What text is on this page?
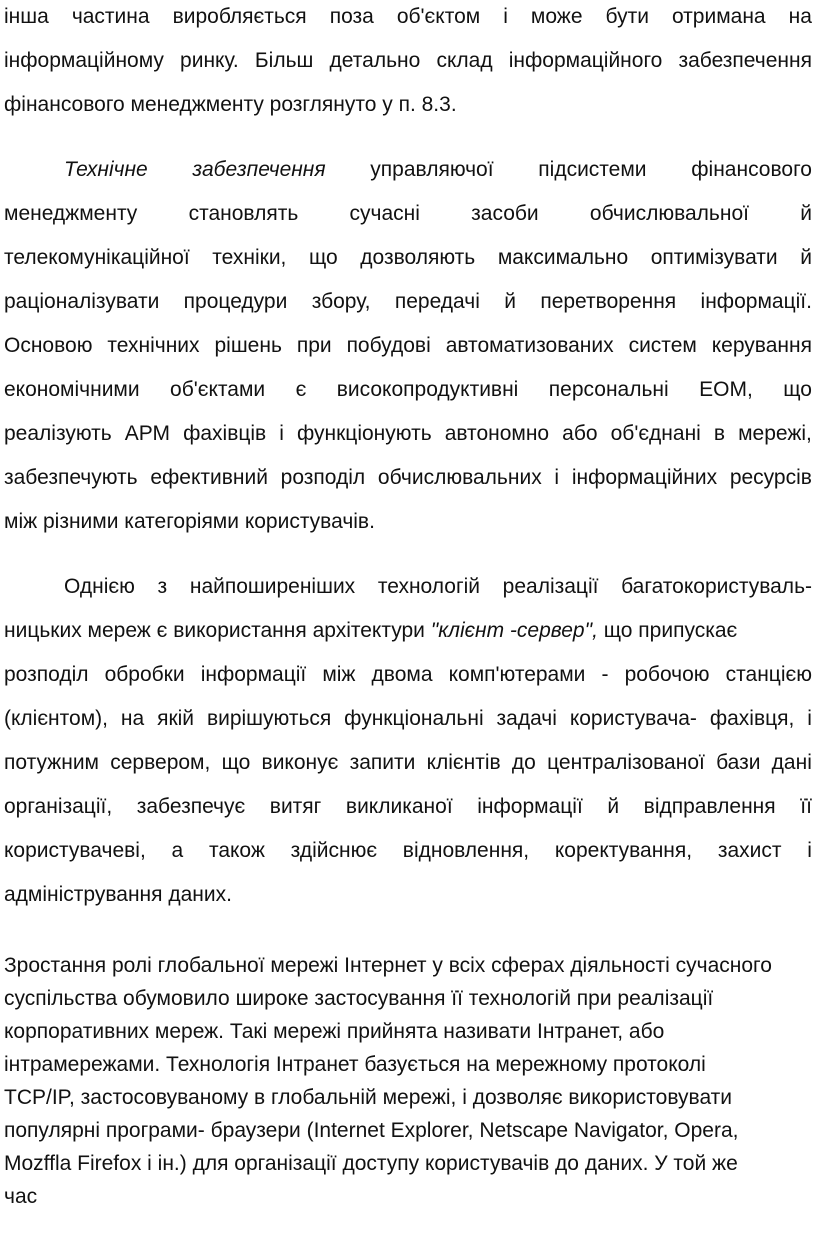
інша частина виробляється поза об'єктом і може бути отримана на
інформаційному ринку. Більш детально склад інформаційного забезпечення
фінансового менеджменту розглянуто у п. 8.3.
Технічне забезпечення управляючої підсистеми фінансового
менеджменту становлять сучасні засоби обчислювальної й
телекомунікаційної техніки, що дозволяють максимально оптимізувати й
раціоналізувати процедури збору, передачі й перетворення інформації.
Основою технічних рішень при побудові автоматизованих систем керування
економічними об'єктами є високопродуктивні персональні ЕОМ, що
реалізують АРМ фахівців і функціонують автономно або об'єднані в мережі,
забезпечують ефективний розподіл обчислювальних і інформаційних ресурсів
між різними категоріями користувачів.
Однією з найпоширеніших технологій реалізації багатокористуваль-
ницьких мереж є використання архітектури "клієнт -сервер", що припускає
розподіл обробки інформації між двома комп'ютерами - робочою станцією
(клієнтом), на якій вирішуються функціональні задачі користувача- фахівця, і
потужним сервером, що виконує запити клієнтів до централізованої бази дані
організації, забезпечує витяг викликаної інформації й відправлення її
користувачеві, а також здійснює відновлення, коректування, захист і
адміністрування даних.
Зростання ролі глобальної мережі Інтернет у всіх сферах діяльності сучасного
суспільства обумовило широке застосування її технологій при реалізації
корпоративних мереж. Такі мережі прийнята називати Інтранет, або
інтрамережами. Технологія Інтранет базується на мережному протоколі
TCP/IP, застосовуваному в глобальній мережі, і дозволяє використовувати
популярні програми- браузери (Internet Explorer, Netscape Navigator, Opera,
Mozffla Firefox і ін.) для організації доступу користувачів до даних. У той же
час
